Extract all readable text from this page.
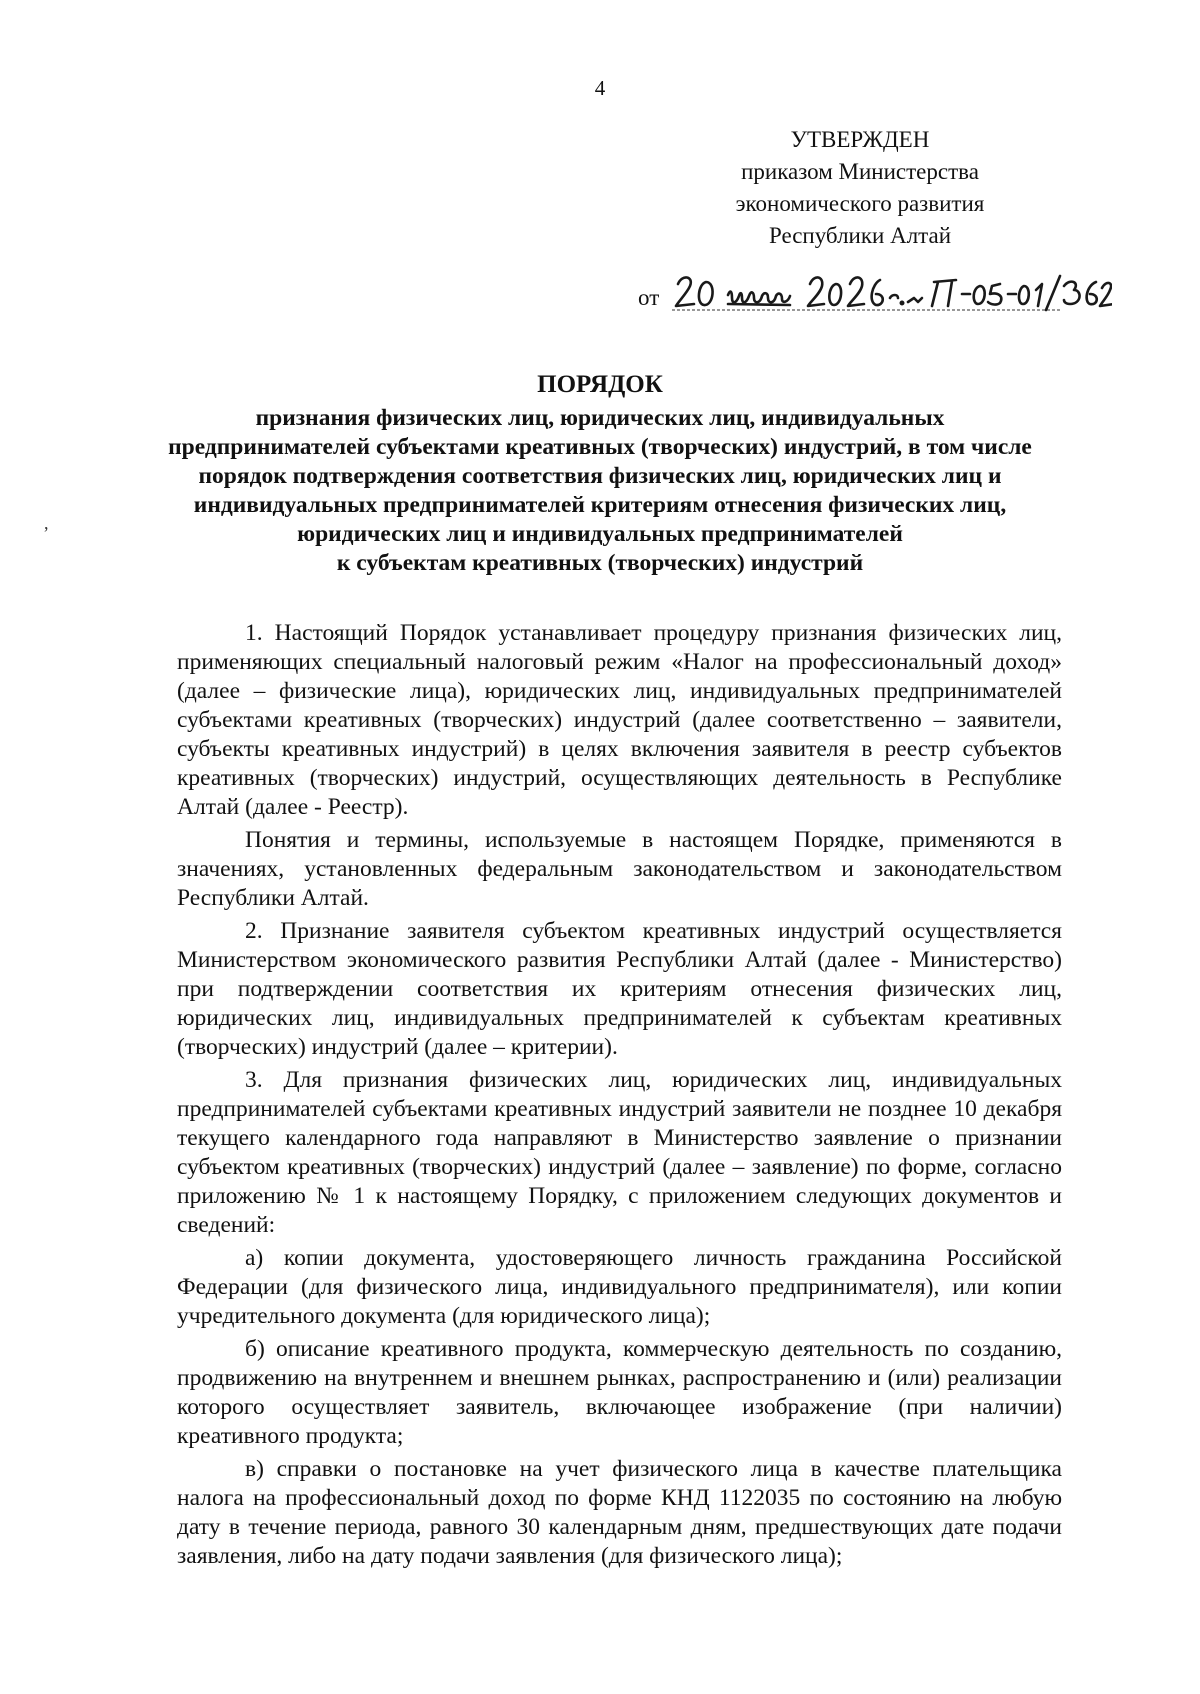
4
УТВЕРЖДЕН
приказом Министерства
экономического развития
Республики Алтай
от
,
ПОРЯДОК
признания физических лиц, юридических лиц, индивидуальных
предпринимателей субъектами креативных (творческих) индустрий, в том числе
порядок подтверждения соответствия физических лиц, юридических лиц и
индивидуальных предпринимателей критериям отнесения физических лиц,
юридических лиц и индивидуальных предпринимателей
к субъектам креативных (творческих) индустрий

1. Настоящий Порядок устанавливает процедуру признания физических лиц, применяющих специальный налоговый режим «Налог на профессиональный доход» (далее – физические лица), юридических лиц, индивидуальных предпринимателей субъектами креативных (творческих) индустрий (далее соответственно – заявители, субъекты креативных индустрий) в целях включения заявителя в реестр субъектов креативных (творческих) индустрий, осуществляющих деятельность в Республике Алтай (далее - Реестр).

Понятия и термины, используемые в настоящем Порядке, применяются в значениях, установленных федеральным законодательством и законодательством Республики Алтай.

2. Признание заявителя субъектом креативных индустрий осуществляется Министерством экономического развития Республики Алтай (далее - Министерство) при подтверждении соответствия их критериям отнесения физических лиц, юридических лиц, индивидуальных предпринимателей к субъектам креативных (творческих) индустрий (далее – критерии).

3. Для признания физических лиц, юридических лиц, индивидуальных предпринимателей субъектами креативных индустрий заявители не позднее 10 декабря текущего календарного года направляют в Министерство заявление о признании субъектом креативных (творческих) индустрий (далее – заявление) по форме, согласно приложению № 1 к настоящему Порядку, с приложением следующих документов и сведений:

а) копии документа, удостоверяющего личность гражданина Российской Федерации (для физического лица, индивидуального предпринимателя), или копии учредительного документа (для юридического лица);

б) описание креативного продукта, коммерческую деятельность по созданию, продвижению на внутреннем и внешнем рынках, распространению и (или) реализации которого осуществляет заявитель, включающее изображение (при наличии) креативного продукта;

в) справки о постановке на учет физического лица в качестве плательщика налога на профессиональный доход по форме КНД 1122035 по состоянию на любую дату в течение периода, равного 30 календарным дням, предшествующих дате подачи заявления, либо на дату подачи заявления (для физического лица);
